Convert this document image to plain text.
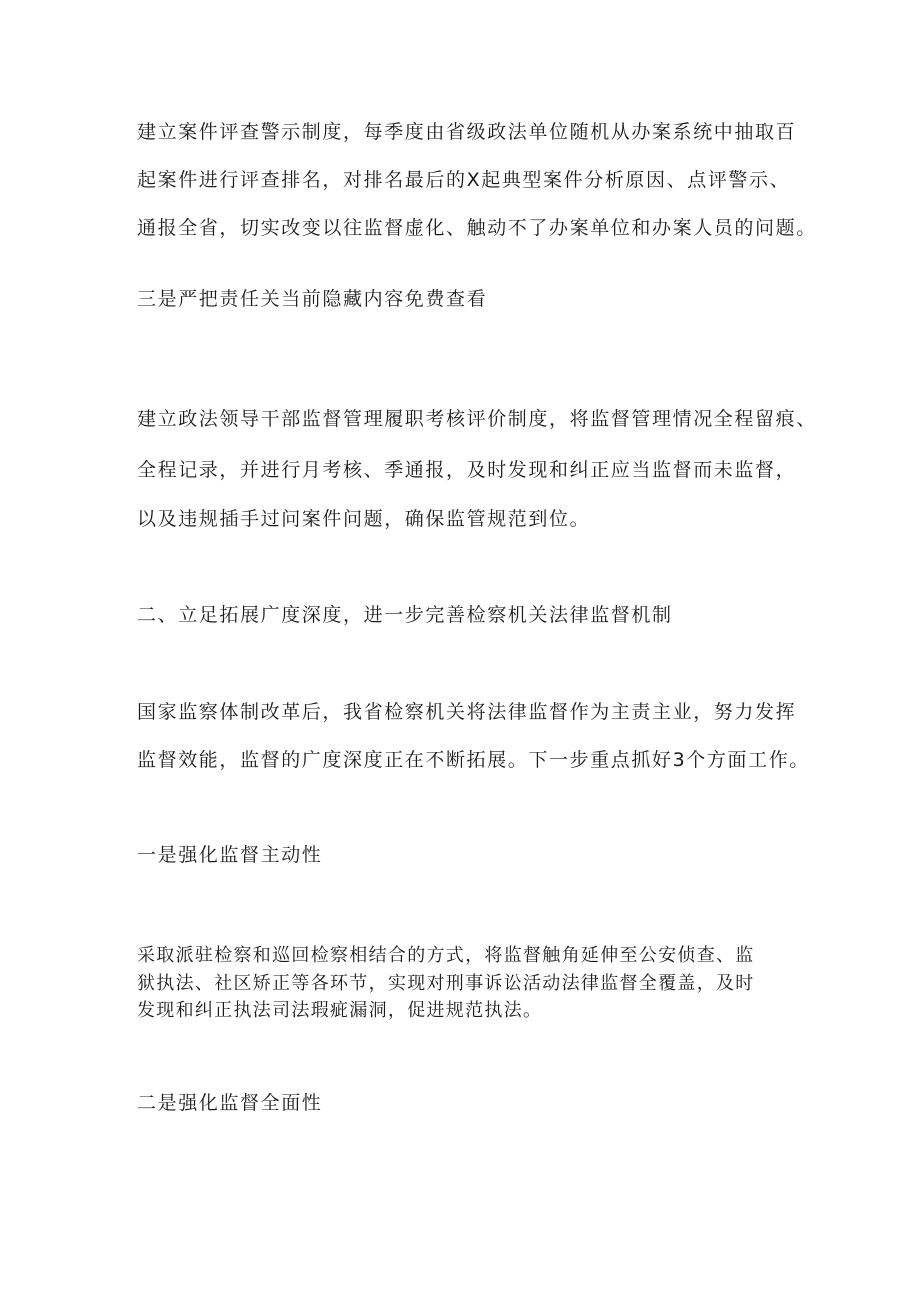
建立案件评查警示制度，每季度由省级政法单位随机从办案系统中抽取百
起案件进行评查排名，对排名最后的X起典型案件分析原因、点评警示、
通报全省，切实改变以往监督虚化、触动不了办案单位和办案人员的问题。
三是严把责任关当前隐藏内容免费查看
建立政法领导干部监督管理履职考核评价制度，将监督管理情况全程留痕、
全程记录，并进行月考核、季通报，及时发现和纠正应当监督而未监督，
以及违规插手过问案件问题，确保监管规范到位。
二、立足拓展广度深度，进一步完善检察机关法律监督机制
国家监察体制改革后，我省检察机关将法律监督作为主责主业，努力发挥
监督效能，监督的广度深度正在不断拓展。下一步重点抓好3个方面工作。
一是强化监督主动性
采取派驻检察和巡回检察相结合的方式，将监督触角延伸至公安侦查、监
狱执法、社区矫正等各环节，实现对刑事诉讼活动法律监督全覆盖，及时
发现和纠正执法司法瑕疵漏洞，促进规范执法。
二是强化监督全面性
